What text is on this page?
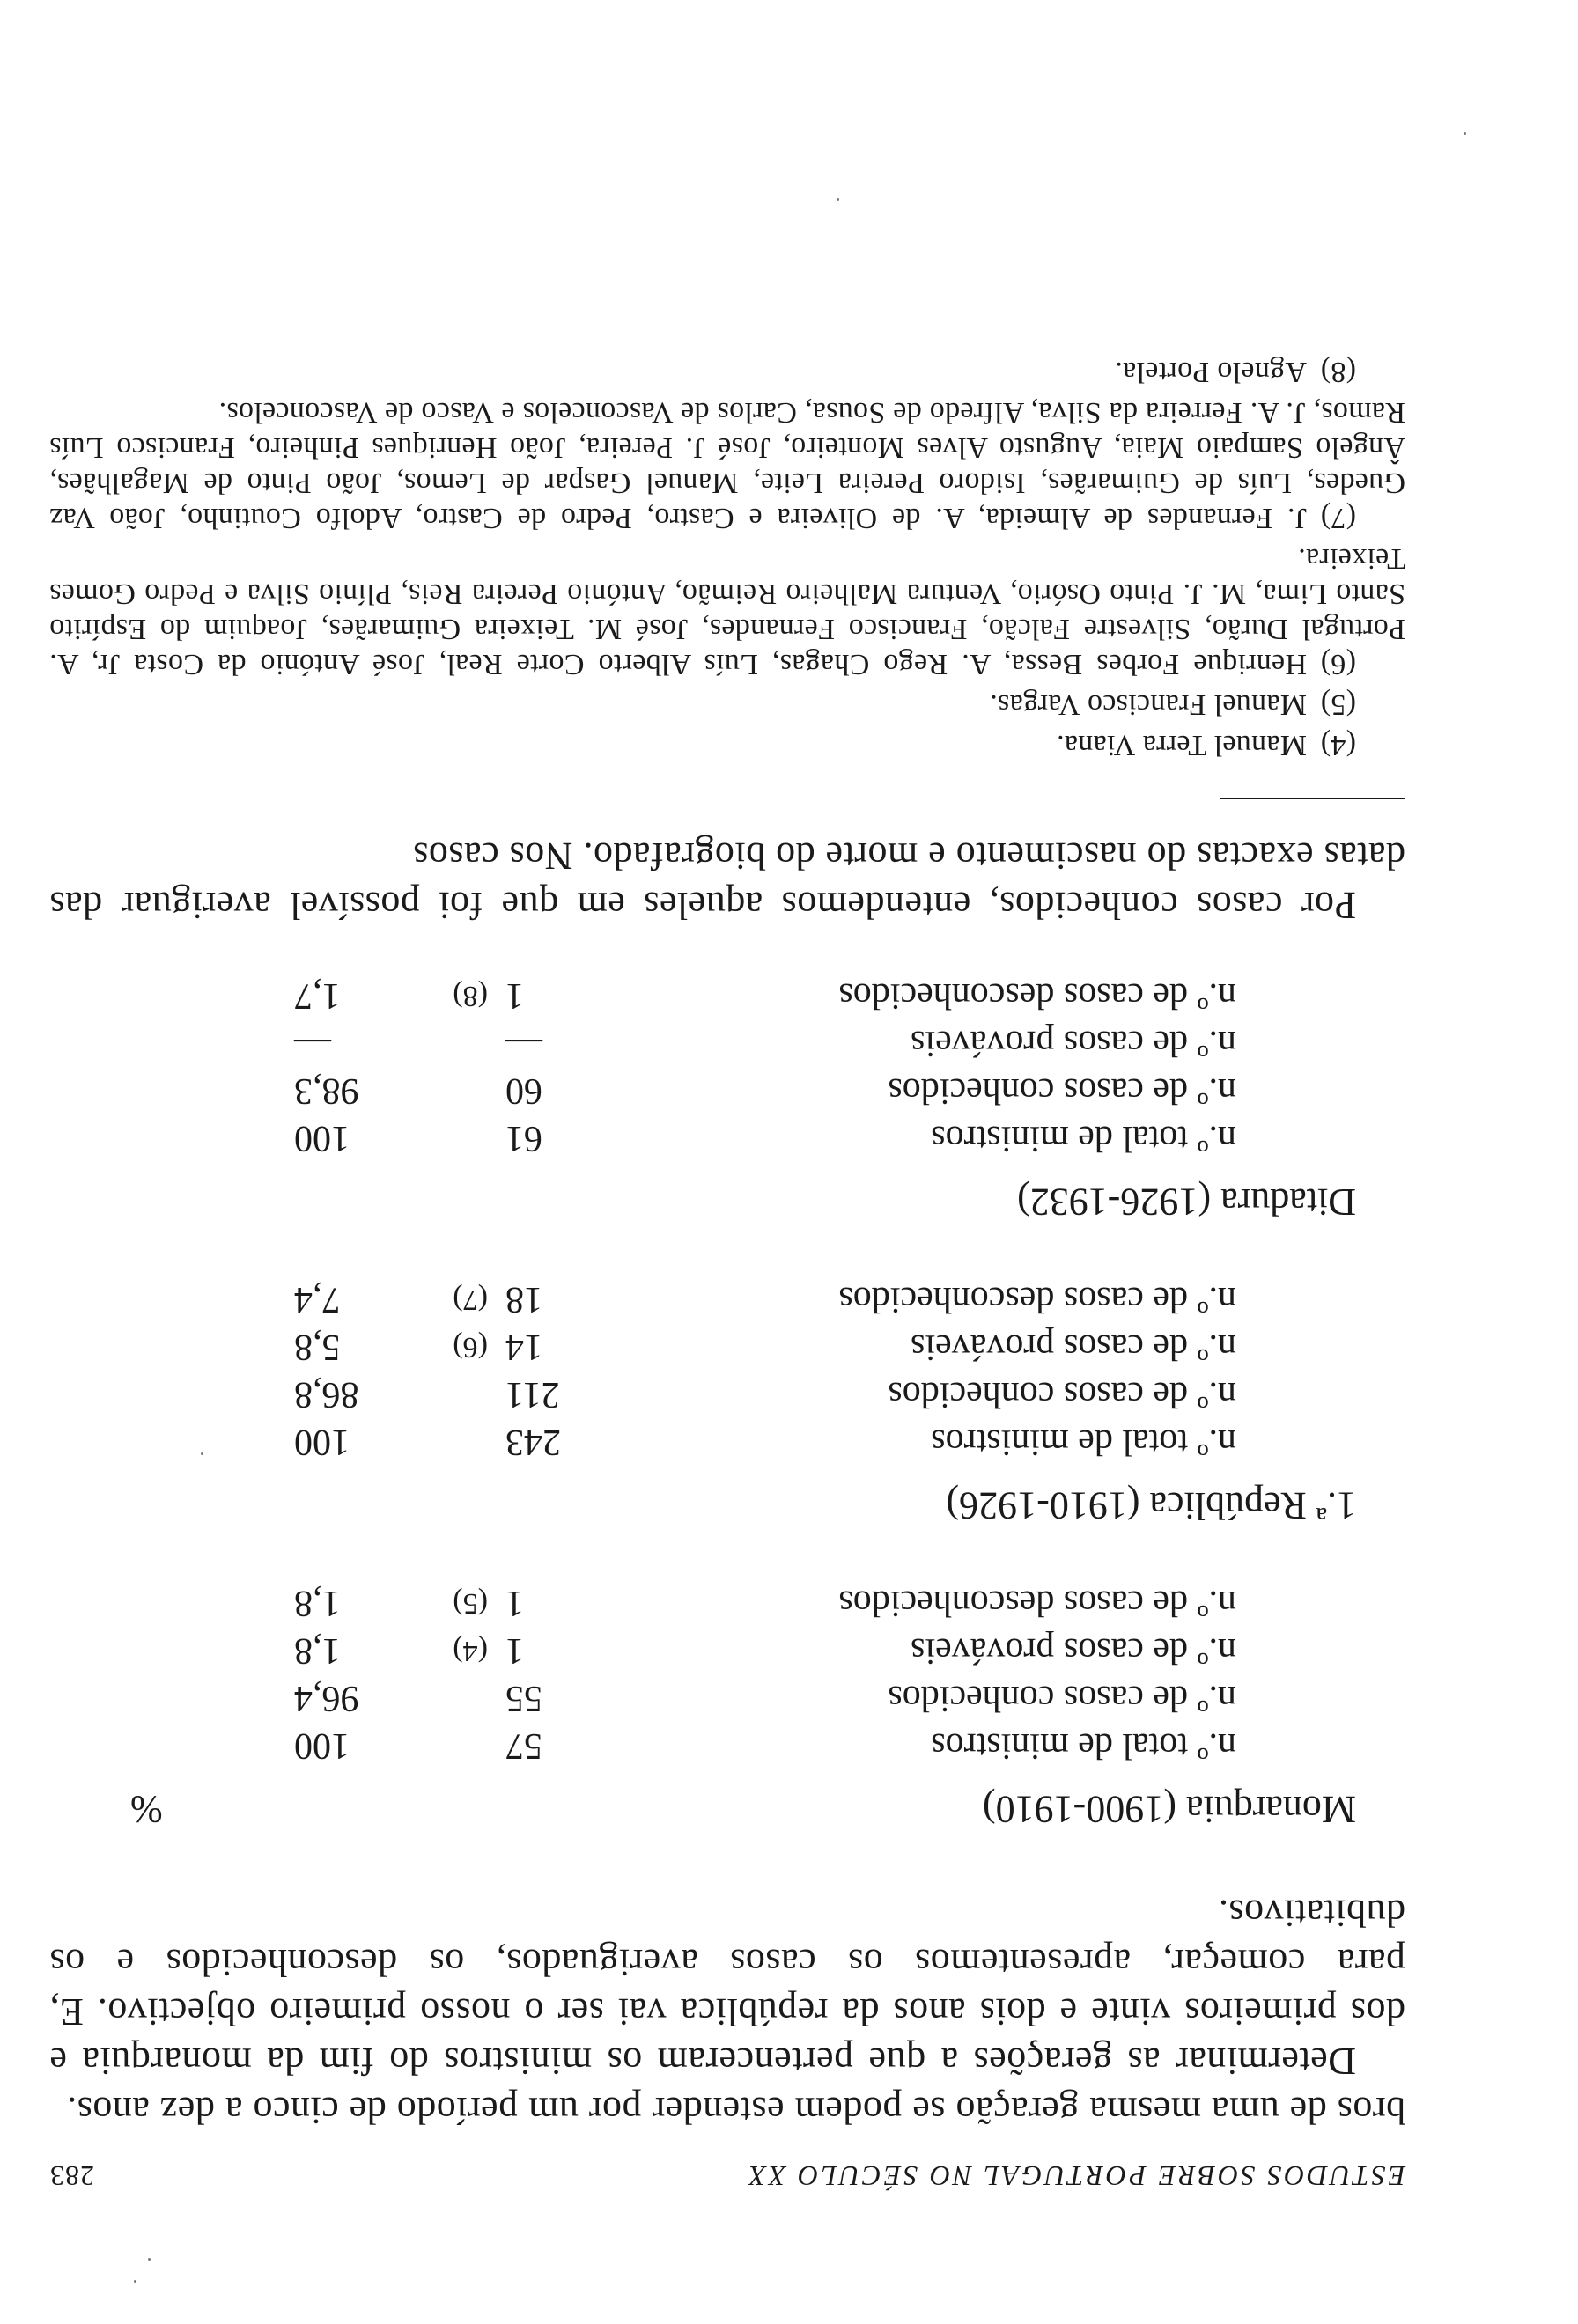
ESTUDOS SOBRE PORTUGAL NO SÉCULO XX
283

bros de uma mesma geração se podem estender por um período de cinco a dez anos.

Determinar as gerações a que pertenceram os ministros do fim da monarquia e dos primeiros vinte e dois anos da república vai ser o nosso primeiro objectivo. E, para começar, apresentemos os casos averiguados, os desconhecidos e os dubitativos.

Monarquia (1900-1910)
%
n.º total de ministros
57
100
n.º de casos conhecidos
55
96,4
n.º de casos prováveis
1
(4)
1,8
n.º de casos desconhecidos
1
(5)
1,8
1.ª República (1910-1926)
n.º total de ministros
243
100
n.º de casos conhecidos
211
86,8
n.º de casos prováveis
14
(6)
5,8
n.º de casos desconhecidos
18
(7)
7,4
Ditadura (1926-1932)
n.º total de ministros
61
100
n.º de casos conhecidos
60
98,3
n.º de casos prováveis
—
—
n.º de casos desconhecidos
1
(8)
1,7

Por casos conhecidos, entendemos aqueles em que foi possível averiguar das datas exactas do nascimento e morte do biografado. Nos casos

(4)Manuel Terra Viana.
(5)Manuel Francisco Vargas.
(6)Henrique Forbes Bessa, A. Rego Chagas, Luís Alberto Corte Real, José António da Costa Jr, A. Portugal Durão, Silvestre Falcão, Francisco Fernandes, José M. Teixeira Guimarães, Joaquim do Espírito Santo Lima, M. J. Pinto Osório, Ventura Malheiro Reimão, António Pereira Reis, Plínio Silva e Pedro Gomes Teixeira.
(7)J. Fernandes de Almeida, A. de Oliveira e Castro, Pedro de Castro, Adolfo Coutinho, João Vaz Guedes, Luís de Guimarães, Isidoro Pereira Leite, Manuel Gaspar de Lemos, João Pinto de Magalhães, Ângelo Sampaio Maia, Augusto Alves Monteiro, José J. Pereira, João Henriques Pinheiro, Francisco Luís Ramos, J. A. Ferreira da Silva, Alfredo de Sousa, Carlos de Vasconcelos e Vasco de Vasconcelos.
(8)Agnelo Portela.
